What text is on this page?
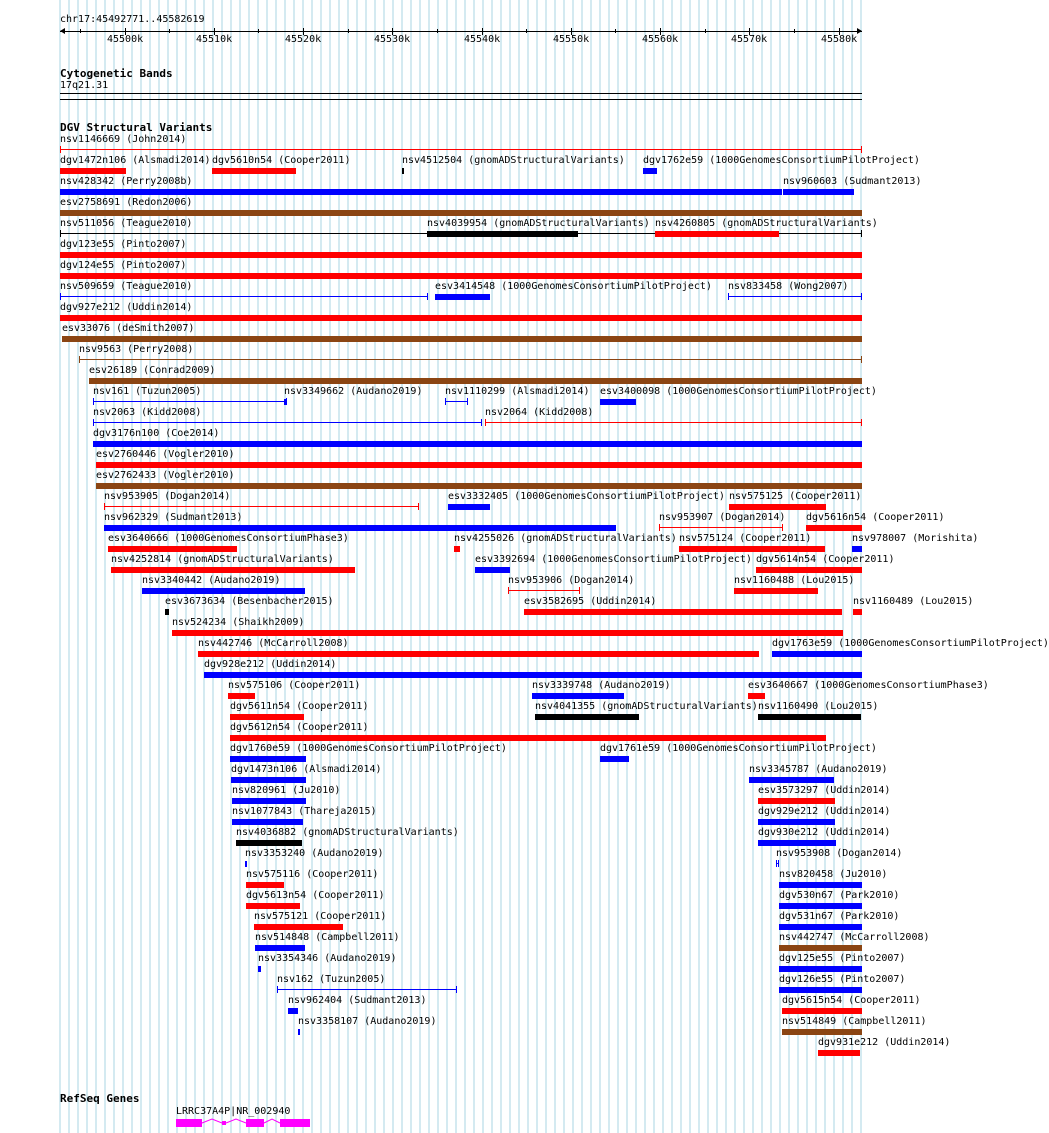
chr17:45492771..45582619
45500k	45510k	45520k	45530k	45540k	45550k	45560k	45570k	45580k
Cytogenetic Bands
17q21.31
DGV Structural Variants
nsv1146669 (John2014)
dgv1472n106 (Alsmadi2014) dgv5610n54 (Cooper2011)	nsv4512504 (gnomADStructuralVariants) dgv1762e59 (1000GenomesConsortiumPilotProject)
nsv428342 (Perry2008b)	nsv960603 (Sudmant2013)
esv2758691 (Redon2006)
nsv511056 (Teague2010)	nsv4039954 (gnomADStructuralVariants) nsv4260805 (gnomADStructuralVariants)
dgv123e55 (Pinto2007)
dgv124e55 (Pinto2007)
nsv509659 (Teague2010)	esv3414548 (1000GenomesConsortiumPilotProject) nsv833458 (Wong2007)
dgv927e212 (Uddin2014)
esv33076 (deSmith2007)
nsv9563 (Perry2008)
esv26189 (Conrad2009)
nsv161 (Tuzun2005)	nsv3349662 (Audano2019) nsv1110299 (Alsmadi2014) esv3400098 (1000GenomesConsortiumPilotProject)
nsv2063 (Kidd2008)	nsv2064 (Kidd2008)
dgv3176n100 (Coe2014)
esv2760446 (Vogler2010)
esv2762433 (Vogler2010)
nsv953905 (Dogan2014)	esv3332405 (1000GenomesConsortiumPilotProject) nsv575125 (Cooper2011)
nsv962329 (Sudmant2013)	nsv953907 (Dogan2014) dgv5616n54 (Cooper2011)
esv3640666 (1000GenomesConsortiumPhase3)	nsv4255026 (gnomADStructuralVariants) nsv575124 (Cooper2011)	nsv978007 (Morishita)
nsv4252814 (gnomADStructuralVariants)	esv3392694 (1000GenomesConsortiumPilotProject) dgv5614n54 (Cooper2011)
nsv3340442 (Audano2019)	nsv953906 (Dogan2014)	nsv1160488 (Lou2015)
esv3673634 (Besenbacher2015)	esv3582695 (Uddin2014)	nsv1160489 (Lou2015)
nsv524234 (Shaikh2009)
nsv442746 (McCarroll2008)	dgv1763e59 (1000GenomesConsortiumPilotProject)
dgv928e212 (Uddin2014)
nsv575106 (Cooper2011)	nsv3339748 (Audano2019)	esv3640667 (1000GenomesConsortiumPhase3)
dgv5611n54 (Cooper2011)	nsv4041355 (gnomADStructuralVariants) nsv1160490 (Lou2015)
dgv5612n54 (Cooper2011)
dgv1760e59 (1000GenomesConsortiumPilotProject)	dgv1761e59 (1000GenomesConsortiumPilotProject)
dgv1473n106 (Alsmadi2014)	nsv3345787 (Audano2019)
nsv820961 (Ju2010)	esv3573297 (Uddin2014)
nsv1077843 (Thareja2015)	dgv929e212 (Uddin2014)
nsv4036882 (gnomADStructuralVariants)	dgv930e212 (Uddin2014)
nsv3353240 (Audano2019)	nsv953908 (Dogan2014)
nsv575116 (Cooper2011)	nsv820458 (Ju2010)
dgv5613n54 (Cooper2011)	dgv530n67 (Park2010)
nsv575121 (Cooper2011)	dgv531n67 (Park2010)
nsv514848 (Campbell2011)	nsv442747 (McCarroll2008)
nsv3354346 (Audano2019)	dgv125e55 (Pinto2007)
nsv162 (Tuzun2005)	dgv126e55 (Pinto2007)
nsv962404 (Sudmant2013)	dgv5615n54 (Cooper2011)
nsv3358107 (Audano2019)	nsv514849 (Campbell2011)
dgv931e212 (Uddin2014)
RefSeq Genes
LRRC37A4P|NR_002940
